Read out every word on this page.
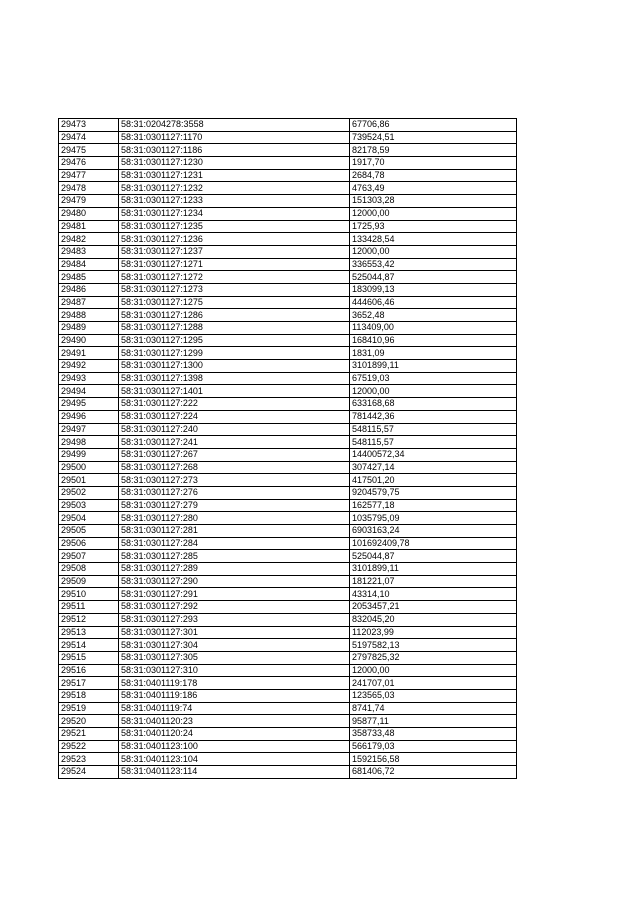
29473	58:31:0204278:3558	67706,86
29474	58:31:0301127:1170	739524,51
29475	58:31:0301127:1186	82178,59
29476	58:31:0301127:1230	1917,70
29477	58:31:0301127:1231	2684,78
29478	58:31:0301127:1232	4763,49
29479	58:31:0301127:1233	151303,28
29480	58:31:0301127:1234	12000,00
29481	58:31:0301127:1235	1725,93
29482	58:31:0301127:1236	133428,54
29483	58:31:0301127:1237	12000,00
29484	58:31:0301127:1271	336553,42
29485	58:31:0301127:1272	525044,87
29486	58:31:0301127:1273	183099,13
29487	58:31:0301127:1275	444606,46
29488	58:31:0301127:1286	3652,48
29489	58:31:0301127:1288	113409,00
29490	58:31:0301127:1295	168410,96
29491	58:31:0301127:1299	1831,09
29492	58:31:0301127:1300	3101899,11
29493	58:31:0301127:1398	67519,03
29494	58:31:0301127:1401	12000,00
29495	58:31:0301127:222	633168,68
29496	58:31:0301127:224	781442,36
29497	58:31:0301127:240	548115,57
29498	58:31:0301127:241	548115,57
29499	58:31:0301127:267	14400572,34
29500	58:31:0301127:268	307427,14
29501	58:31:0301127:273	417501,20
29502	58:31:0301127:276	9204579,75
29503	58:31:0301127:279	162577,18
29504	58:31:0301127:280	1035795,09
29505	58:31:0301127:281	6903163,24
29506	58:31:0301127:284	101692409,78
29507	58:31:0301127:285	525044,87
29508	58:31:0301127:289	3101899,11
29509	58:31:0301127:290	181221,07
29510	58:31:0301127:291	43314,10
29511	58:31:0301127:292	2053457,21
29512	58:31:0301127:293	832045,20
29513	58:31:0301127:301	112023,99
29514	58:31:0301127:304	5197582,13
29515	58:31:0301127:305	2797825,32
29516	58:31:0301127:310	12000,00
29517	58:31:0401119:178	241707,01
29518	58:31:0401119:186	123565,03
29519	58:31:0401119:74	8741,74
29520	58:31:0401120:23	95877,11
29521	58:31:0401120:24	358733,48
29522	58:31:0401123:100	566179,03
29523	58:31:0401123:104	1592156,58
29524	58:31:0401123:114	681406,72
